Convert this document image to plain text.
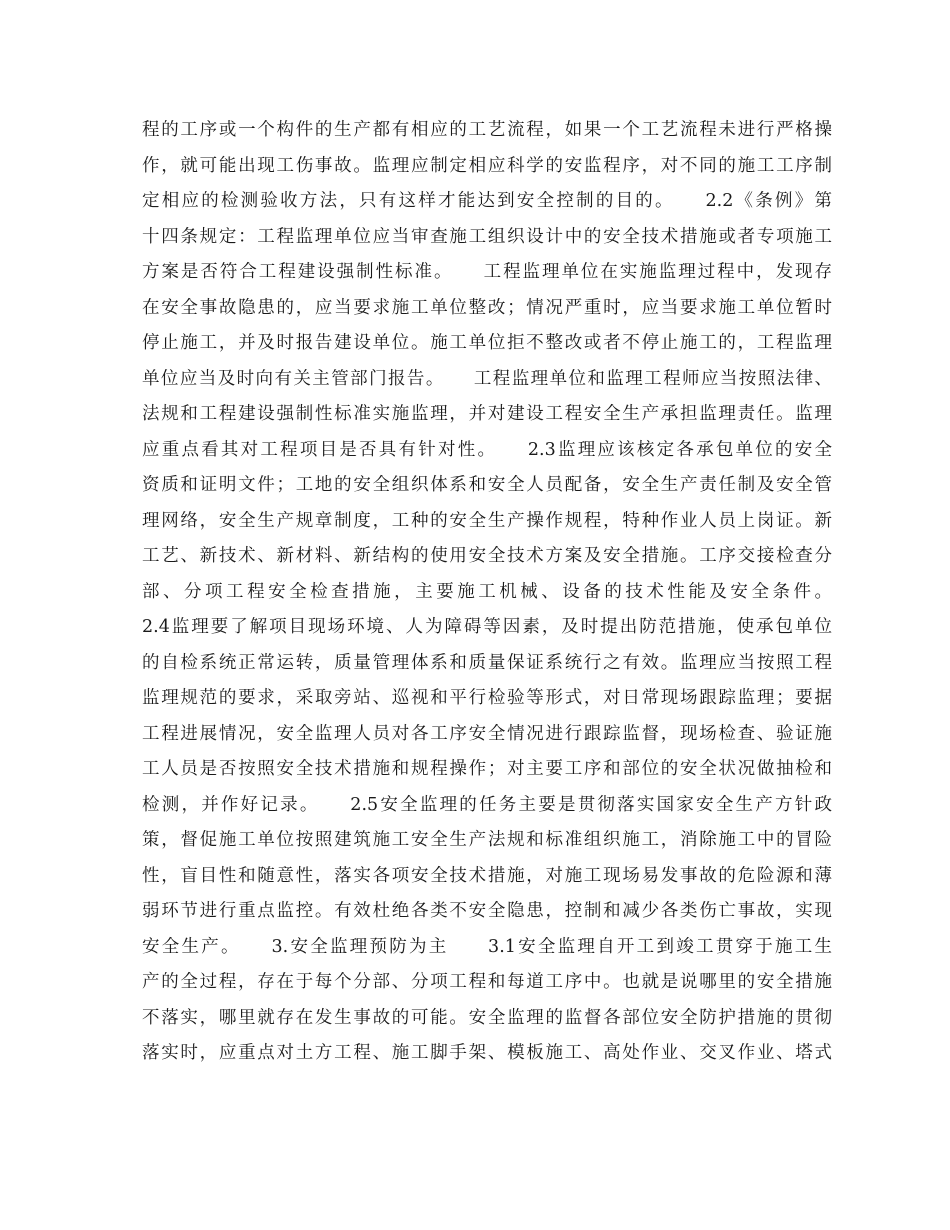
程的工序或一个构件的生产都有相应的工艺流程，如果一个工艺流程未进行严格操
作，就可能出现工伤事故。监理应制定相应科学的安监程序，对不同的施工工序制
定相应的检测验收方法，只有这样才能达到安全控制的目的。　　2.2《条例》第
十四条规定：工程监理单位应当审查施工组织设计中的安全技术措施或者专项施工
方案是否符合工程建设强制性标准。　　工程监理单位在实施监理过程中，发现存
在安全事故隐患的，应当要求施工单位整改；情况严重时，应当要求施工单位暂时
停止施工，并及时报告建设单位。施工单位拒不整改或者不停止施工的，工程监理
单位应当及时向有关主管部门报告。　　工程监理单位和监理工程师应当按照法律、
法规和工程建设强制性标准实施监理，并对建设工程安全生产承担监理责任。监理
应重点看其对工程项目是否具有针对性。　　2.3监理应该核定各承包单位的安全
资质和证明文件；工地的安全组织体系和安全人员配备，安全生产责任制及安全管
理网络，安全生产规章制度，工种的安全生产操作规程，特种作业人员上岗证。新
工艺、新技术、新材料、新结构的使用安全技术方案及安全措施。工序交接检查分
部、分项工程安全检查措施，主要施工机械、设备的技术性能及安全条件。
2.4监理要了解项目现场环境、人为障碍等因素，及时提出防范措施，使承包单位
的自检系统正常运转，质量管理体系和质量保证系统行之有效。监理应当按照工程
监理规范的要求，采取旁站、巡视和平行检验等形式，对日常现场跟踪监理；要据
工程进展情况，安全监理人员对各工序安全情况进行跟踪监督，现场检查、验证施
工人员是否按照安全技术措施和规程操作；对主要工序和部位的安全状况做抽检和
检测，并作好记录。　　2.5安全监理的任务主要是贯彻落实国家安全生产方针政
策，督促施工单位按照建筑施工安全生产法规和标准组织施工，消除施工中的冒险
性，盲目性和随意性，落实各项安全技术措施，对施工现场易发事故的危险源和薄
弱环节进行重点监控。有效杜绝各类不安全隐患，控制和减少各类伤亡事故，实现
安全生产。　　3.安全监理预防为主　　3.1安全监理自开工到竣工贯穿于施工生
产的全过程，存在于每个分部、分项工程和每道工序中。也就是说哪里的安全措施
不落实，哪里就存在发生事故的可能。安全监理的监督各部位安全防护措施的贯彻
落实时，应重点对土方工程、施工脚手架、模板施工、高处作业、交叉作业、塔式
